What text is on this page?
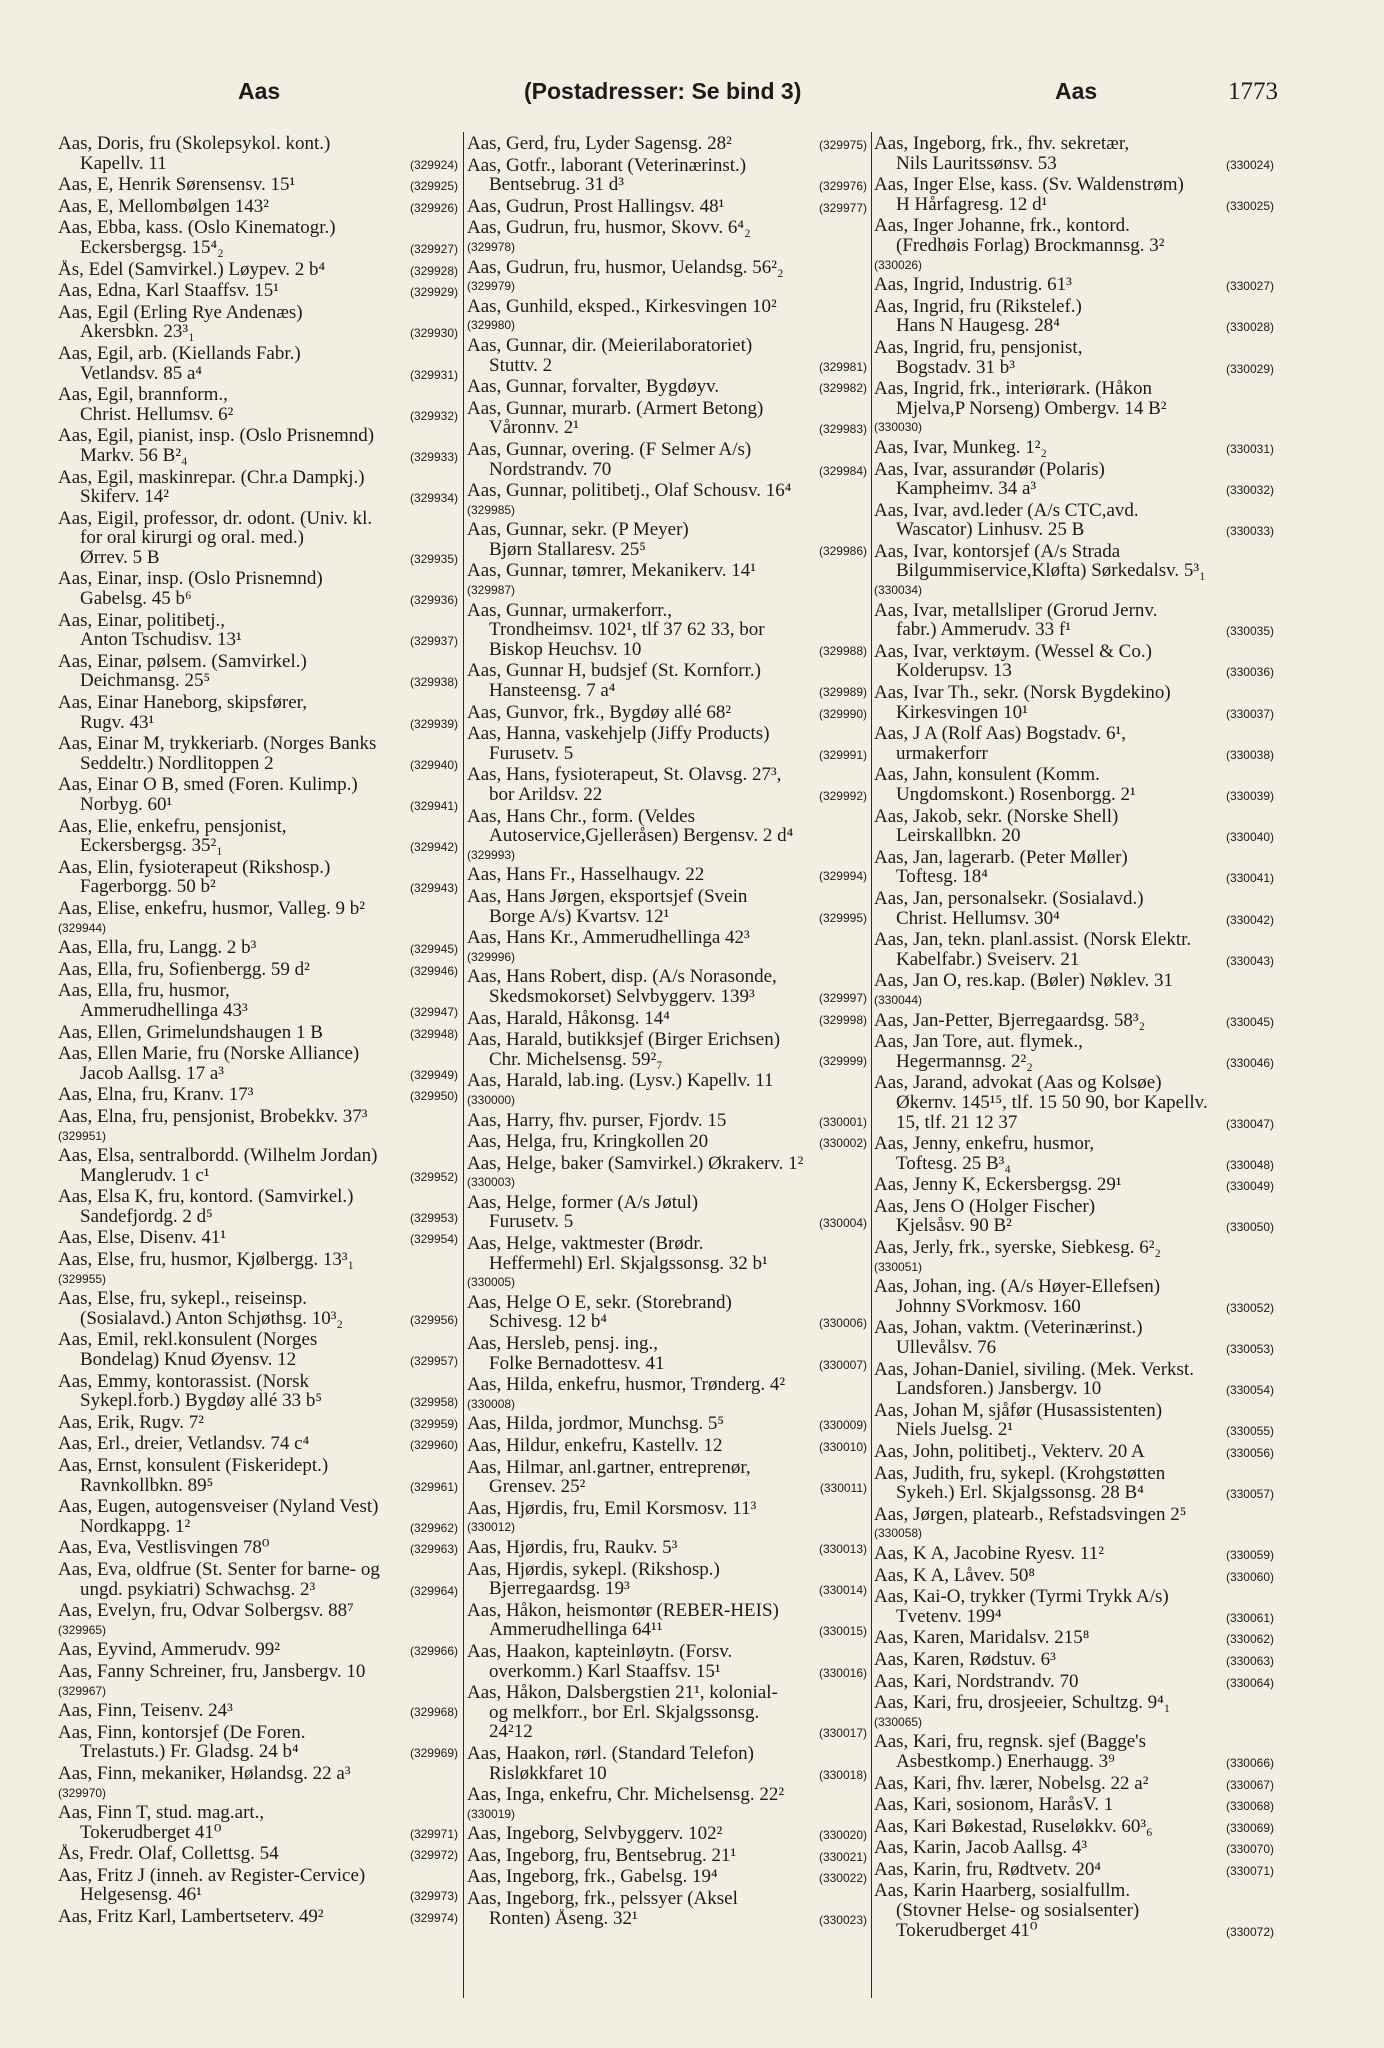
Aas	(Postadresser: Se bind 3)	Aas	1773
Aas, Doris, fru (Skolepsykol. kont.)
Kapellv. 11	(329924)
Aas, E, Henrik Sørensensv. 15¹	(329925)
Aas, E, Mellombølgen 143²	(329926)
Aas, Ebba, kass. (Oslo Kinematogr.)
Eckersbergsg. 15⁴₂	(329927)
Ås, Edel (Samvirkel.) Løypev. 2 b⁴	(329928)
Aas, Edna, Karl Staaffsv. 15¹	(329929)
Aas, Egil (Erling Rye Andenæs)
Akersbkn. 23³₁	(329930)
Aas, Egil, arb. (Kiellands Fabr.)
Vetlandsv. 85 a⁴	(329931)
Aas, Egil, brannform.,
Christ. Hellumsv. 6²	(329932)
Aas, Egil, pianist, insp. (Oslo Prisnemnd)
Markv. 56 B²₄	(329933)
Aas, Egil, maskinrepar. (Chr.a Dampkj.)
Skiferv. 14²	(329934)
Aas, Eigil, professor, dr. odont. (Univ. kl.
for oral kirurgi og oral. med.)
Ørrev. 5 B	(329935)
Aas, Einar, insp. (Oslo Prisnemnd)
Gabelsg. 45 b⁶	(329936)
Aas, Einar, politibetj.,
Anton Tschudisv. 13¹	(329937)
Aas, Einar, pølsem. (Samvirkel.)
Deichmansg. 25⁵	(329938)
Aas, Einar Haneborg, skipsfører,
Rugv. 43¹	(329939)
Aas, Einar M, trykkeriarb. (Norges Banks
Seddeltr.) Nordlitoppen 2	(329940)
Aas, Einar O B, smed (Foren. Kulimp.)
Norbyg. 60¹	(329941)
Aas, Elie, enkefru, pensjonist,
Eckersbergsg. 35²₁	(329942)
Aas, Elin, fysioterapeut (Rikshosp.)
Fagerborgg. 50 b²	(329943)
Aas, Elise, enkefru, husmor, Valleg. 9 b²
(329944)
Aas, Ella, fru, Langg. 2 b³	(329945)
Aas, Ella, fru, Sofienbergg. 59 d²	(329946)
Aas, Ella, fru, husmor,
Ammerudhellinga 43³	(329947)
Aas, Ellen, Grimelundshaugen 1 B	(329948)
Aas, Ellen Marie, fru (Norske Alliance)
Jacob Aallsg. 17 a³	(329949)
Aas, Elna, fru, Kranv. 17³	(329950)
Aas, Elna, fru, pensjonist, Brobekkv. 37³
(329951)
Aas, Elsa, sentralbordd. (Wilhelm Jordan)
Manglerudv. 1 c¹	(329952)
Aas, Elsa K, fru, kontord. (Samvirkel.)
Sandefjordg. 2 d⁵	(329953)
Aas, Else, Disenv. 41¹	(329954)
Aas, Else, fru, husmor, Kjølbergg. 13³₁
(329955)
Aas, Else, fru, sykepl., reiseinsp.
(Sosialavd.) Anton Schjøthsg. 10³₂	(329956)
Aas, Emil, rekl.konsulent (Norges
Bondelag) Knud Øyensv. 12	(329957)
Aas, Emmy, kontorassist. (Norsk
Sykepl.forb.) Bygdøy allé 33 b⁵	(329958)
Aas, Erik, Rugv. 7²	(329959)
Aas, Erl., dreier, Vetlandsv. 74 c⁴	(329960)
Aas, Ernst, konsulent (Fiskeridept.)
Ravnkollbkn. 89⁵	(329961)
Aas, Eugen, autogensveiser (Nyland Vest)
Nordkappg. 1²	(329962)
Aas, Eva, Vestlisvingen 78⁰	(329963)
Aas, Eva, oldfrue (St. Senter for barne- og
ungd. psykiatri) Schwachsg. 2³	(329964)
Aas, Evelyn, fru, Odvar Solbergsv. 88⁷
(329965)
Aas, Eyvind, Ammerudv. 99²	(329966)
Aas, Fanny Schreiner, fru, Jansbergv. 10
(329967)
Aas, Finn, Teisenv. 24³	(329968)
Aas, Finn, kontorsjef (De Foren.
Trelastuts.) Fr. Gladsg. 24 b⁴	(329969)
Aas, Finn, mekaniker, Hølandsg. 22 a³
(329970)
Aas, Finn T, stud. mag.art.,
Tokerudberget 41⁰	(329971)
Ås, Fredr. Olaf, Collettsg. 54	(329972)
Aas, Fritz J (inneh. av Register-Cervice)
Helgesensg. 46¹	(329973)
Aas, Fritz Karl, Lambertseterv. 49²	(329974)
Aas, Gerd, fru, Lyder Sagensg. 28²	(329975)
Aas, Gotfr., laborant (Veterinærinst.)
Bentsebrug. 31 d³	(329976)
Aas, Gudrun, Prost Hallingsv. 48¹	(329977)
Aas, Gudrun, fru, husmor, Skovv. 6⁴₂
(329978)
Aas, Gudrun, fru, husmor, Uelandsg. 56²₂
(329979)
Aas, Gunhild, eksped., Kirkesvingen 10²
(329980)
Aas, Gunnar, dir. (Meierilaboratoriet)
Stuttv. 2	(329981)
Aas, Gunnar, forvalter, Bygdøyv.	(329982)
Aas, Gunnar, murarb. (Armert Betong)
Våronnv. 2¹	(329983)
Aas, Gunnar, overing. (F Selmer A/s)
Nordstrandv. 70	(329984)
Aas, Gunnar, politibetj., Olaf Schousv. 16⁴
(329985)
Aas, Gunnar, sekr. (P Meyer)
Bjørn Stallaresv. 25⁵	(329986)
Aas, Gunnar, tømrer, Mekanikerv. 14¹
(329987)
Aas, Gunnar, urmakerforr.,
Trondheimsv. 102¹, tlf 37 62 33, bor
Biskop Heuchsv. 10	(329988)
Aas, Gunnar H, budsjef (St. Kornforr.)
Hansteensg. 7 a⁴	(329989)
Aas, Gunvor, frk., Bygdøy allé 68²	(329990)
Aas, Hanna, vaskehjelp (Jiffy Products)
Furusetv. 5	(329991)
Aas, Hans, fysioterapeut, St. Olavsg. 27³,
bor Arildsv. 22	(329992)
Aas, Hans Chr., form. (Veldes
Autoservice,Gjelleråsen) Bergensv. 2 d⁴
(329993)
Aas, Hans Fr., Hasselhaugv. 22	(329994)
Aas, Hans Jørgen, eksportsjef (Svein
Borge A/s) Kvartsv. 12¹	(329995)
Aas, Hans Kr., Ammerudhellinga 42³
(329996)
Aas, Hans Robert, disp. (A/s Norasonde,
Skedsmokorset) Selvbyggerv. 139³	(329997)
Aas, Harald, Håkonsg. 14⁴	(329998)
Aas, Harald, butikksjef (Birger Erichsen)
Chr. Michelsensg. 59²₇	(329999)
Aas, Harald, lab.ing. (Lysv.) Kapellv. 11
(330000)
Aas, Harry, fhv. purser, Fjordv. 15	(330001)
Aas, Helga, fru, Kringkollen 20	(330002)
Aas, Helge, baker (Samvirkel.) Økrakerv. 1²
(330003)
Aas, Helge, former (A/s Jøtul)
Furusetv. 5	(330004)
Aas, Helge, vaktmester (Brødr.
Heffermehl) Erl. Skjalgssonsg. 32 b¹
(330005)
Aas, Helge O E, sekr. (Storebrand)
Schivesg. 12 b⁴	(330006)
Aas, Hersleb, pensj. ing.,
Folke Bernadottesv. 41	(330007)
Aas, Hilda, enkefru, husmor, Trønderg. 4²
(330008)
Aas, Hilda, jordmor, Munchsg. 5⁵	(330009)
Aas, Hildur, enkefru, Kastellv. 12	(330010)
Aas, Hilmar, anl.gartner, entreprenør,
Grensev. 25²	(330011)
Aas, Hjørdis, fru, Emil Korsmosv. 11³
(330012)
Aas, Hjørdis, fru, Raukv. 5³	(330013)
Aas, Hjørdis, sykepl. (Rikshosp.)
Bjerregaardsg. 19³	(330014)
Aas, Håkon, heismontør (REBER-HEIS)
Ammerudhellinga 64¹¹	(330015)
Aas, Haakon, kapteinløytn. (Forsv.
overkomm.) Karl Staaffsv. 15¹	(330016)
Aas, Håkon, Dalsbergstien 21¹, kolonial-
og melkforr., bor Erl. Skjalgssonsg.
24²12	(330017)
Aas, Haakon, rørl. (Standard Telefon)
Risløkkfaret 10	(330018)
Aas, Inga, enkefru, Chr. Michelsensg. 22²
(330019)
Aas, Ingeborg, Selvbyggerv. 102²	(330020)
Aas, Ingeborg, fru, Bentsebrug. 21¹	(330021)
Aas, Ingeborg, frk., Gabelsg. 19⁴	(330022)
Aas, Ingeborg, frk., pelssyer (Aksel
Ronten) Åseng. 32¹	(330023)
Aas, Ingeborg, frk., fhv. sekretær,
Nils Lauritssønsv. 53	(330024)
Aas, Inger Else, kass. (Sv. Waldenstrøm)
H Hårfagresg. 12 d¹	(330025)
Aas, Inger Johanne, frk., kontord.
(Fredhøis Forlag) Brockmannsg. 3²
(330026)
Aas, Ingrid, Industrig. 61³	(330027)
Aas, Ingrid, fru (Rikstelef.)
Hans N Haugesg. 28⁴	(330028)
Aas, Ingrid, fru, pensjonist,
Bogstadv. 31 b³	(330029)
Aas, Ingrid, frk., interiørark. (Håkon
Mjelva,P Norseng) Ombergv. 14 B²
(330030)
Aas, Ivar, Munkeg. 1²₂	(330031)
Aas, Ivar, assurandør (Polaris)
Kampheimv. 34 a³	(330032)
Aas, Ivar, avd.leder (A/s CTC,avd.
Wascator) Linhusv. 25 B	(330033)
Aas, Ivar, kontorsjef (A/s Strada
Bilgummiservice,Kløfta) Sørkedalsv. 5³₁
(330034)
Aas, Ivar, metallsliper (Grorud Jernv.
fabr.) Ammerudv. 33 f¹	(330035)
Aas, Ivar, verktøym. (Wessel & Co.)
Kolderupsv. 13	(330036)
Aas, Ivar Th., sekr. (Norsk Bygdekino)
Kirkesvingen 10¹	(330037)
Aas, J A (Rolf Aas) Bogstadv. 6¹,
urmakerforr	(330038)
Aas, Jahn, konsulent (Komm.
Ungdomskont.) Rosenborgg. 2¹	(330039)
Aas, Jakob, sekr. (Norske Shell)
Leirskallbkn. 20	(330040)
Aas, Jan, lagerarb. (Peter Møller)
Toftesg. 18⁴	(330041)
Aas, Jan, personalsekr. (Sosialavd.)
Christ. Hellumsv. 30⁴	(330042)
Aas, Jan, tekn. planl.assist. (Norsk Elektr.
Kabelfabr.) Sveiserv. 21	(330043)
Aas, Jan O, res.kap. (Bøler) Nøklev. 31
(330044)
Aas, Jan-Petter, Bjerregaardsg. 58³₂	(330045)
Aas, Jan Tore, aut. flymek.,
Hegermannsg. 2²₂	(330046)
Aas, Jarand, advokat (Aas og Kolsøe)
Økernv. 145¹⁵, tlf. 15 50 90, bor Kapellv.
15, tlf. 21 12 37	(330047)
Aas, Jenny, enkefru, husmor,
Toftesg. 25 B³₄	(330048)
Aas, Jenny K, Eckersbergsg. 29¹	(330049)
Aas, Jens O (Holger Fischer)
Kjelsåsv. 90 B²	(330050)
Aas, Jerly, frk., syerske, Siebkesg. 6²₂
(330051)
Aas, Johan, ing. (A/s Høyer-Ellefsen)
Johnny SVorkmosv. 160	(330052)
Aas, Johan, vaktm. (Veterinærinst.)
Ullevålsv. 76	(330053)
Aas, Johan-Daniel, siviling. (Mek. Verkst.
Landsforen.) Jansbergv. 10	(330054)
Aas, Johan M, sjåfør (Husassistenten)
Niels Juelsg. 2¹	(330055)
Aas, John, politibetj., Vekterv. 20 A	(330056)
Aas, Judith, fru, sykepl. (Krohgstøtten
Sykeh.) Erl. Skjalgssonsg. 28 B⁴	(330057)
Aas, Jørgen, platearb., Refstadsvingen 2⁵
(330058)
Aas, K A, Jacobine Ryesv. 11²	(330059)
Aas, K A, Låvev. 50⁸	(330060)
Aas, Kai-O, trykker (Tyrmi Trykk A/s)
Tvetenv. 199⁴	(330061)
Aas, Karen, Maridalsv. 215⁸	(330062)
Aas, Karen, Rødstuv. 6³	(330063)
Aas, Kari, Nordstrandv. 70	(330064)
Aas, Kari, fru, drosjeeier, Schultzg. 9⁴₁
(330065)
Aas, Kari, fru, regnsk. sjef (Bagge's
Asbestkomp.) Enerhaugg. 3⁹	(330066)
Aas, Kari, fhv. lærer, Nobelsg. 22 a²	(330067)
Aas, Kari, sosionom, HaråsV. 1	(330068)
Aas, Kari Bøkestad, Ruseløkkv. 60³₆	(330069)
Aas, Karin, Jacob Aallsg. 4³	(330070)
Aas, Karin, fru, Rødtvetv. 20⁴	(330071)
Aas, Karin Haarberg, sosialfullm.
(Stovner Helse- og sosialsenter)
Tokerudberget 41⁰	(330072)
